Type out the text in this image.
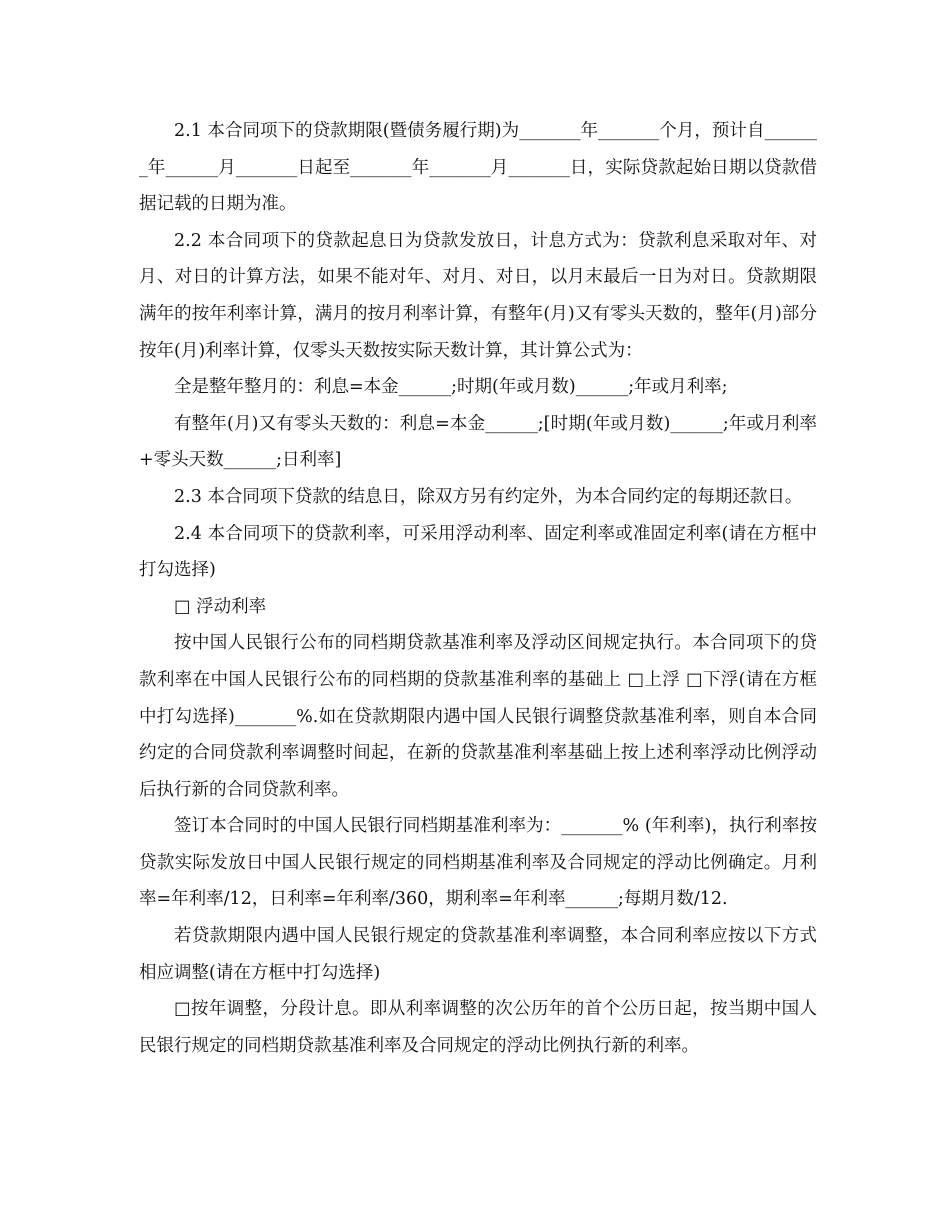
2.1 本合同项下的贷款期限(暨债务履行期)为_______年_______个月，预计自_______年______月_______日起至_______年_______月_______日，实际贷款起始日期以贷款借据记载的日期为准。

2.2 本合同项下的贷款起息日为贷款发放日，计息方式为：贷款利息采取对年、对月、对日的计算方法，如果不能对年、对月、对日，以月末最后一日为对日。贷款期限满年的按年利率计算，满月的按月利率计算，有整年(月)又有零头天数的，整年(月)部分按年(月)利率计算，仅零头天数按实际天数计算，其计算公式为：

全是整年整月的：利息=本金______;时期(年或月数)______;年或月利率;

有整年(月)又有零头天数的：利息=本金______;[时期(年或月数)______;年或月利率+零头天数______;日利率]

2.3 本合同项下贷款的结息日，除双方另有约定外，为本合同约定的每期还款日。

2.4 本合同项下的贷款利率，可采用浮动利率、固定利率或准固定利率(请在方框中打勾选择)

□ 浮动利率

按中国人民银行公布的同档期贷款基准利率及浮动区间规定执行。本合同项下的贷款利率在中国人民银行公布的同档期的贷款基准利率的基础上 □上浮 □下浮(请在方框中打勾选择)_______%.如在贷款期限内遇中国人民银行调整贷款基准利率，则自本合同约定的合同贷款利率调整时间起，在新的贷款基准利率基础上按上述利率浮动比例浮动后执行新的合同贷款利率。

签订本合同时的中国人民银行同档期基准利率为：_______% (年利率)，执行利率按贷款实际发放日中国人民银行规定的同档期基准利率及合同规定的浮动比例确定。月利率=年利率/12，日利率=年利率/360，期利率=年利率______;每期月数/12.

若贷款期限内遇中国人民银行规定的贷款基准利率调整，本合同利率应按以下方式相应调整(请在方框中打勾选择)

□按年调整，分段计息。即从利率调整的次公历年的首个公历日起，按当期中国人民银行规定的同档期贷款基准利率及合同规定的浮动比例执行新的利率。
